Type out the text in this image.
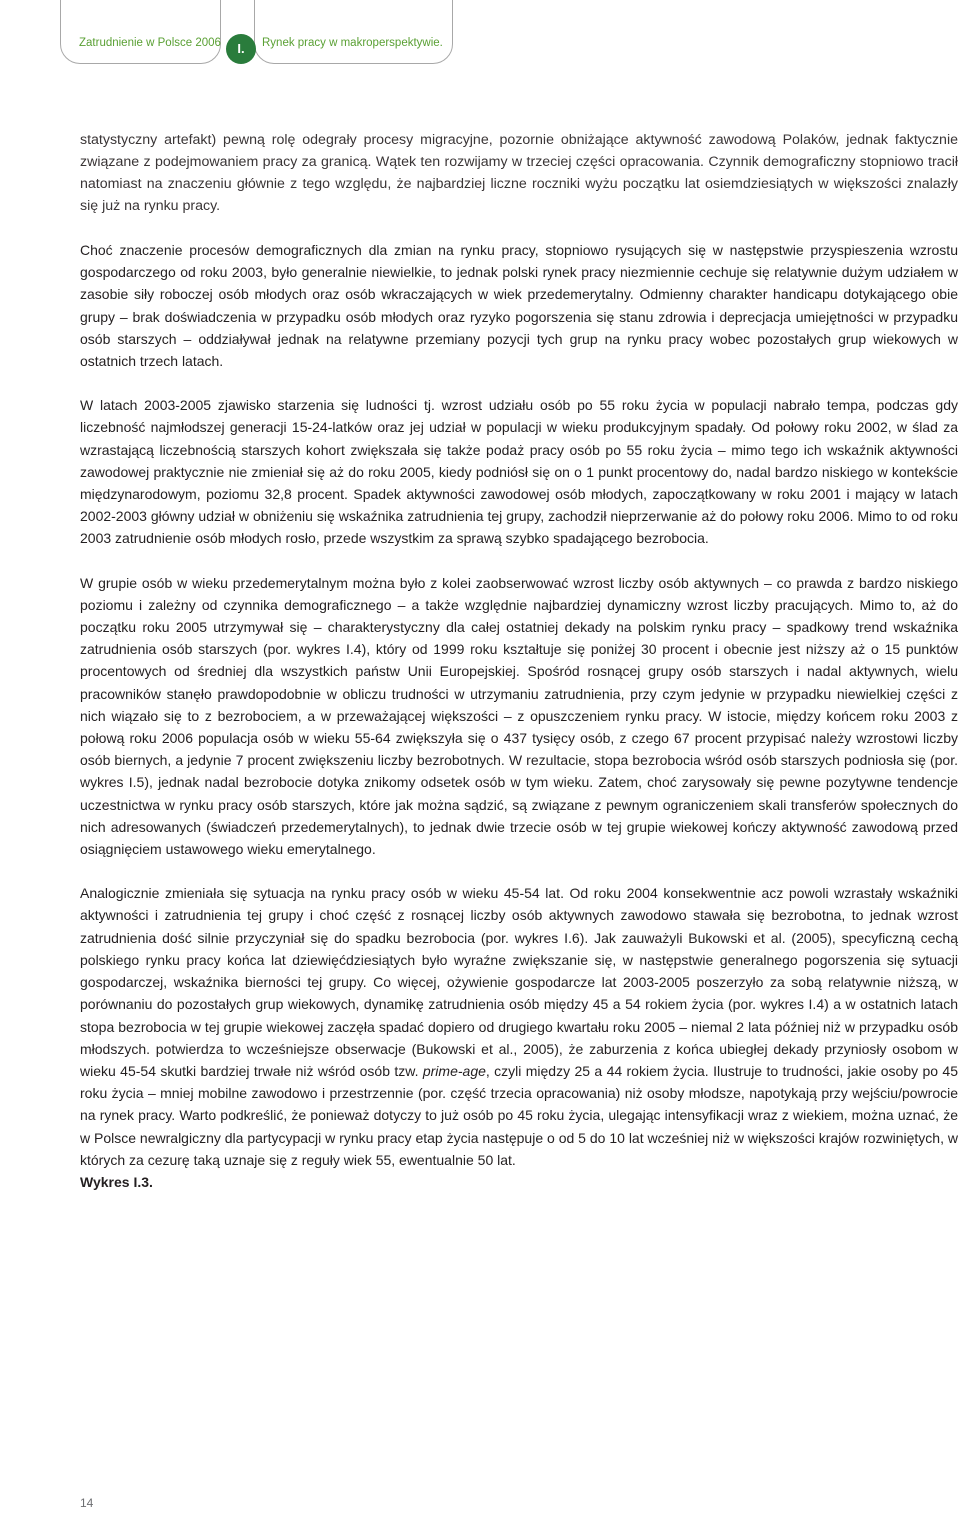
Zatrudnienie w Polsce 2006	I.	Rynek pracy w makroperspektywie.

statystyczny artefakt) pewną rolę odegrały procesy migracyjne, pozornie obniżające aktywność zawodową Polaków, jednak faktycznie związane z podejmowaniem pracy za granicą. Wątek ten rozwijamy w trzeciej części opracowania. Czynnik demograficzny stopniowo tracił natomiast na znaczeniu głównie z tego względu, że najbardziej liczne roczniki wyżu początku lat osiemdziesiątych w większości znalazły się już na rynku pracy.

Choć znaczenie procesów demograficznych dla zmian na rynku pracy, stopniowo rysujących się w następstwie przyspieszenia wzrostu gospodarczego od roku 2003, było generalnie niewielkie, to jednak polski rynek pracy niezmiennie cechuje się relatywnie dużym udziałem w zasobie siły roboczej osób młodych oraz osób wkraczających w wiek przedemerytalny. Odmienny charakter handicapu dotykającego obie grupy – brak doświadczenia w przypadku osób młodych oraz ryzyko pogorszenia się stanu zdrowia i deprecjacja umiejętności w przypadku osób starszych – oddziaływał jednak na relatywne przemiany pozycji tych grup na rynku pracy wobec pozostałych grup wiekowych w ostatnich trzech latach.

W latach 2003-2005 zjawisko starzenia się ludności tj. wzrost udziału osób po 55 roku życia w populacji nabrało tempa, podczas gdy liczebność najmłodszej generacji 15-24-latków oraz jej udział w populacji w wieku produkcyjnym spadały. Od połowy roku 2002, w ślad za wzrastającą liczebnością starszych kohort zwiększała się także podaż pracy osób po 55 roku życia – mimo tego ich wskaźnik aktywności zawodowej praktycznie nie zmieniał się aż do roku 2005, kiedy podniósł się on o 1 punkt procentowy do, nadal bardzo niskiego w kontekście międzynarodowym, poziomu 32,8 procent. Spadek aktywności zawodowej osób młodych, zapoczątkowany w roku 2001 i mający w latach 2002-2003 główny udział w obniżeniu się wskaźnika zatrudnienia tej grupy, zachodził nieprzerwanie aż do połowy roku 2006. Mimo to od roku 2003 zatrudnienie osób młodych rosło, przede wszystkim za sprawą szybko spadającego bezrobocia.

W grupie osób w wieku przedemerytalnym można było z kolei zaobserwować wzrost liczby osób aktywnych – co prawda z bardzo niskiego poziomu i zależny od czynnika demograficznego – a także względnie najbardziej dynamiczny wzrost liczby pracujących. Mimo to, aż do początku roku 2005 utrzymywał się – charakterystyczny dla całej ostatniej dekady na polskim rynku pracy – spadkowy trend wskaźnika zatrudnienia osób starszych (por. wykres I.4), który od 1999 roku kształtuje się poniżej 30 procent i obecnie jest niższy aż o 15 punktów procentowych od średniej dla wszystkich państw Unii Europejskiej. Spośród rosnącej grupy osób starszych i nadal aktywnych, wielu pracowników stanęło prawdopodobnie w obliczu trudności w utrzymaniu zatrudnienia, przy czym jedynie w przypadku niewielkiej części z nich wiązało się to z bezrobociem, a w przeważającej większości – z opuszczeniem rynku pracy. W istocie, między końcem roku 2003 z połową roku 2006 populacja osób w wieku 55-64 zwiększyła się o 437 tysięcy osób, z czego 67 procent przypisać należy wzrostowi liczby osób biernych, a jedynie 7 procent zwiększeniu liczby bezrobotnych. W rezultacie, stopa bezrobocia wśród osób starszych podniosła się (por. wykres I.5), jednak nadal bezrobocie dotyka znikomy odsetek osób w tym wieku. Zatem, choć zarysowały się pewne pozytywne tendencje uczestnictwa w rynku pracy osób starszych, które jak można sądzić, są związane z pewnym ograniczeniem skali transferów społecznych do nich adresowanych (świadczeń przedemerytalnych), to jednak dwie trzecie osób w tej grupie wiekowej kończy aktywność zawodową przed osiągnięciem ustawowego wieku emerytalnego.

Analogicznie zmieniała się sytuacja na rynku pracy osób w wieku 45-54 lat. Od roku 2004 konsekwentnie acz powoli wzrastały wskaźniki aktywności i zatrudnienia tej grupy i choć część z rosnącej liczby osób aktywnych zawodowo stawała się bezrobotna, to jednak wzrost zatrudnienia dość silnie przyczyniał się do spadku bezrobocia (por. wykres I.6). Jak zauważyli Bukowski et al. (2005), specyficzną cechą polskiego rynku pracy końca lat dziewięćdziesiątych było wyraźne zwiększanie się, w następstwie generalnego pogorszenia się sytuacji gospodarczej, wskaźnika bierności tej grupy. Co więcej, ożywienie gospodarcze lat 2003-2005 poszerzyło za sobą relatywnie niższą, w porównaniu do pozostałych grup wiekowych, dynamikę zatrudnienia osób między 45 a 54 rokiem życia (por. wykres I.4) a w ostatnich latach stopa bezrobocia w tej grupie wiekowej zaczęła spadać dopiero od drugiego kwartału roku 2005 – niemal 2 lata później niż w przypadku osób młodszych. potwierdza to wcześniejsze obserwacje (Bukowski et al., 2005), że zaburzenia z końca ubiegłej dekady przyniosły osobom w wieku 45-54 skutki bardziej trwałe niż wśród osób tzw. prime-age, czyli między 25 a 44 rokiem życia. Ilustruje to trudności, jakie osoby po 45 roku życia – mniej mobilne zawodowo i przestrzennie (por. część trzecia opracowania) niż osoby młodsze, napotykają przy wejściu/powrocie na rynek pracy. Warto podkreślić, że ponieważ dotyczy to już osób po 45 roku życia, ulegając intensyfikacji wraz z wiekiem, można uznać, że w Polsce newralgiczny dla partycypacji w rynku pracy etap życia następuje o od 5 do 10 lat wcześniej niż w większości krajów rozwiniętych, w których za cezurę taką uznaje się z reguły wiek 55, ewentualnie 50 lat.

Wykres I.3.
14
